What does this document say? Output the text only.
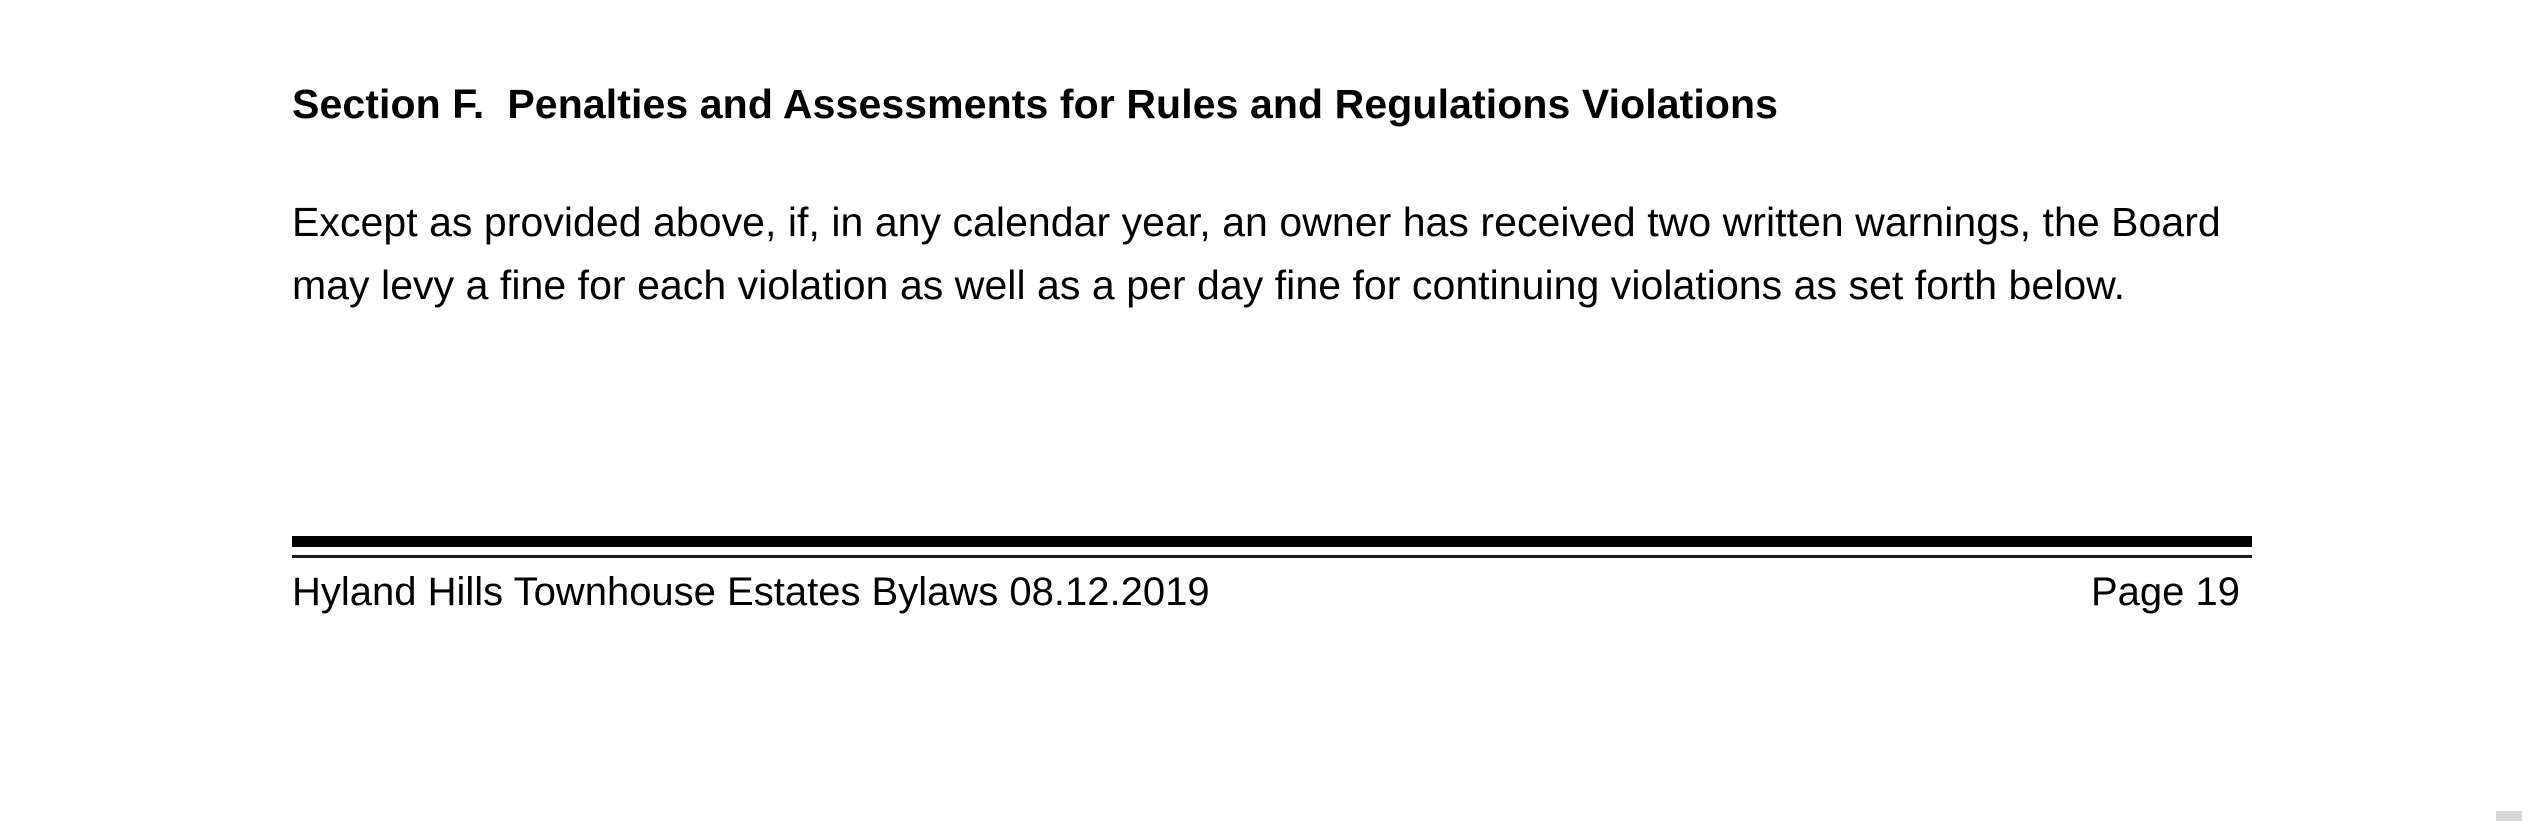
Section F.  Penalties and Assessments for Rules and Regulations Violations

Except as provided above, if, in any calendar year, an owner has received two written warnings, the Board may levy a fine for each violation as well as a per day fine for continuing violations as set forth below.

Hyland Hills Townhouse Estates Bylaws 08.12.2019	Page 19
